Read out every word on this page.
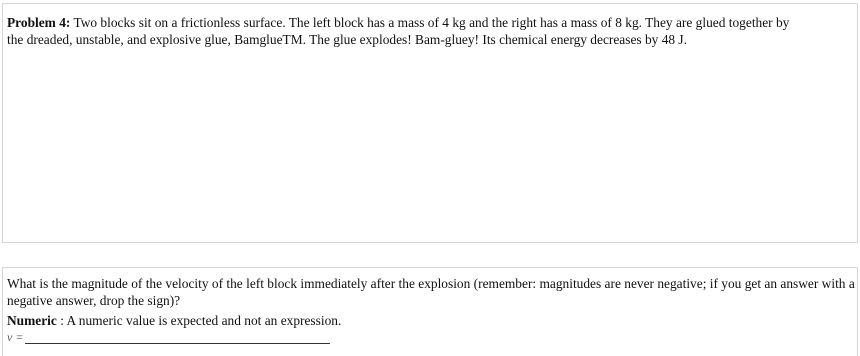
Problem 4: Two blocks sit on a frictionless surface. The left block has a mass of 4 kg and the right has a mass of 8 kg. They are glued together by the dreaded, unstable, and explosive glue, BamglueTM. The glue explodes! Bam-gluey! Its chemical energy decreases by 48 J.

What is the magnitude of the velocity of the left block immediately after the explosion (remember: magnitudes are never negative; if you get an answer with a negative answer, drop the sign)?

Numeric : A numeric value is expected and not an expression.

v =
